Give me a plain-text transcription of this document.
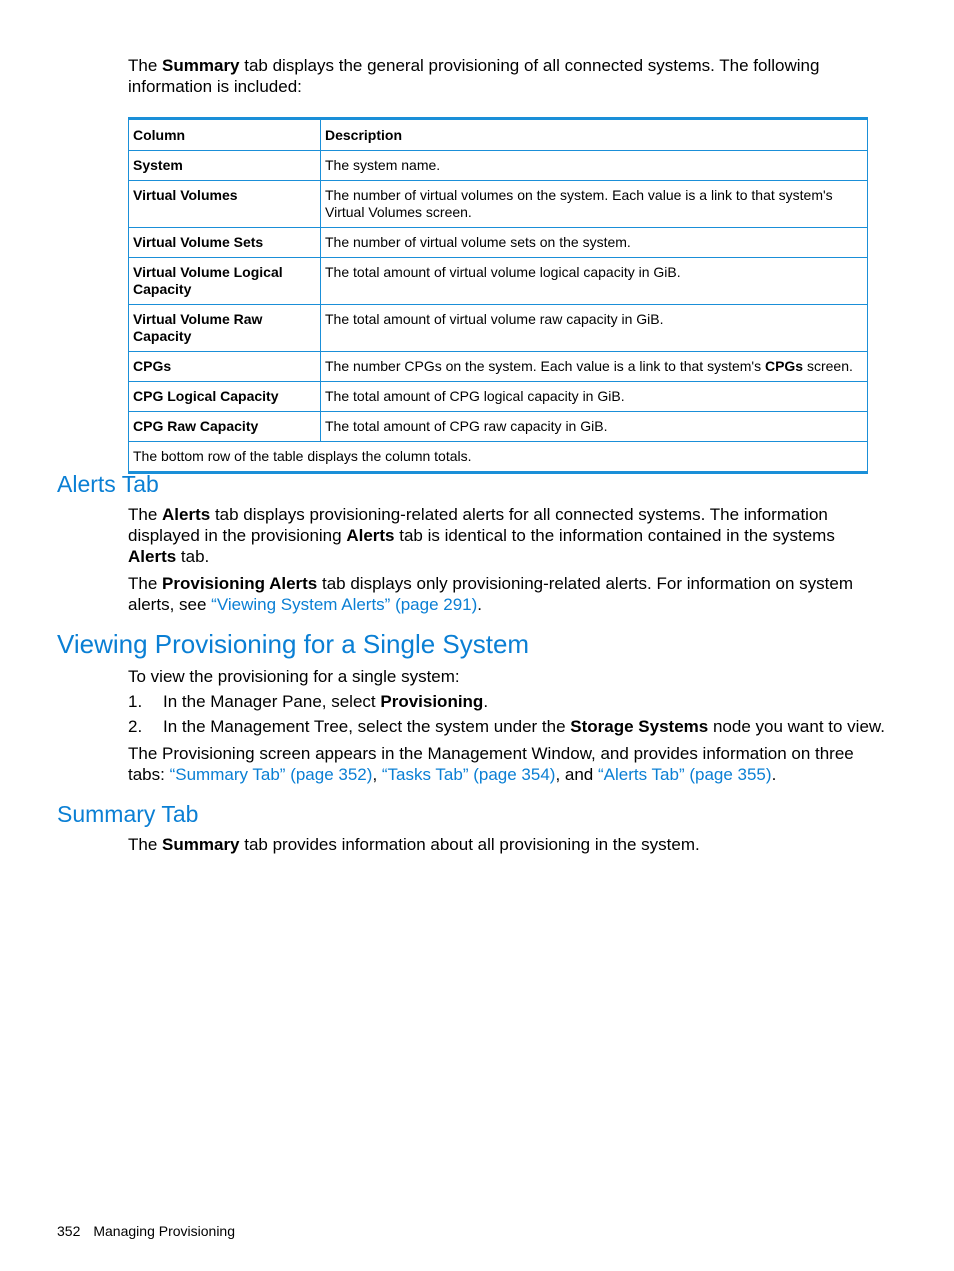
The Summary tab displays the general provisioning of all connected systems. The following information is included:

Column	Description
System	The system name.
Virtual Volumes	The number of virtual volumes on the system. Each value is a link to that system's Virtual Volumes screen.
Virtual Volume Sets	The number of virtual volume sets on the system.
Virtual Volume Logical Capacity	The total amount of virtual volume logical capacity in GiB.
Virtual Volume Raw Capacity	The total amount of virtual volume raw capacity in GiB.
CPGs	The number CPGs on the system. Each value is a link to that system's CPGs screen.
CPG Logical Capacity	The total amount of CPG logical capacity in GiB.
CPG Raw Capacity	The total amount of CPG raw capacity in GiB.
The bottom row of the table displays the column totals.	
Alerts Tab

The Alerts tab displays provisioning-related alerts for all connected systems. The information displayed in the provisioning Alerts tab is identical to the information contained in the systems Alerts tab.

The Provisioning Alerts tab displays only provisioning-related alerts. For information on system alerts, see “Viewing System Alerts” (page 291).

Viewing Provisioning for a Single System

To view the provisioning for a single system:

1. In the Manager Pane, select Provisioning.
2. In the Management Tree, select the system under the Storage Systems node you want to view.

The Provisioning screen appears in the Management Window, and provides information on three tabs: “Summary Tab” (page 352), “Tasks Tab” (page 354), and “Alerts Tab” (page 355).

Summary Tab

The Summary tab provides information about all provisioning in the system.

352 Managing Provisioning
